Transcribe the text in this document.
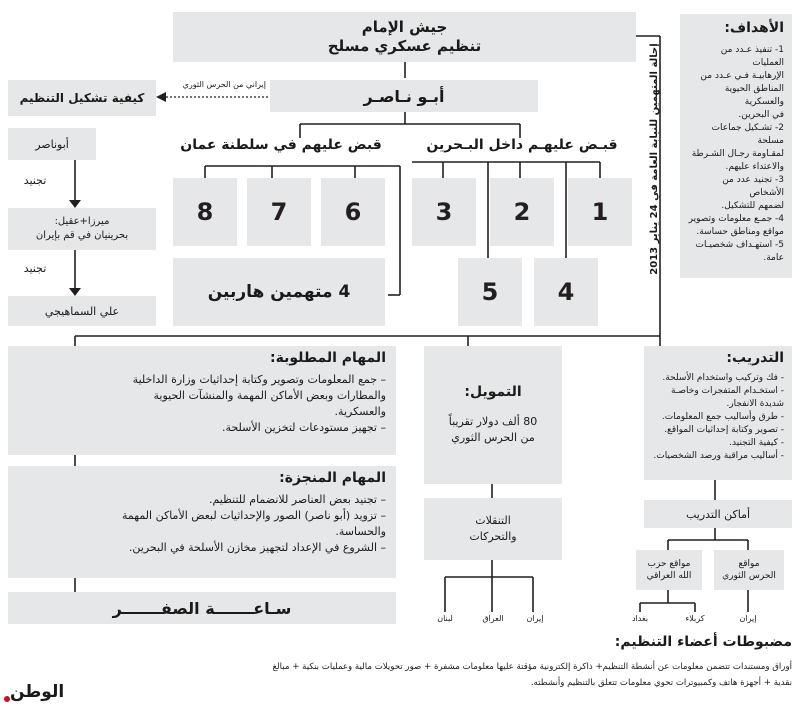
جيش الإمام
تنظيم عسكري مسلح
أبـو نـاصـر
إيراني من الحرس الثوري
كيفية تشكيل التنظيم
أبوناصر
تجنيد
ميرزا+عقيل:
بحرينيان في قم بإيران
تجنيد
علي السماهيجي
قبض عليهم في سلطنة عمان	قبـض عليهـم داخل البـحرين
8 7 6	3	2	1
5 4
4 متهمين هاربين
إحالة المتهمين للنيابة العامة في 24 يناير 2013
الأهداف:
1- تنفيذ عـدد من العمليات
الإرهابيـة فـي عـدد من
المناطق الحيوية والعسكرية
في البحرين.
2- تشـكيل جماعات مسلحة
لمقـاومة رجـال الشـرطة
والاعتداء عليهم.
3- تجنيد عدد من الأشخاص
لضمهم للتشكيل.
4- جمـع معلومات وتصوير
مواقع ومناطق حساسة.
5- استهـداف شخصيـات
عامة.
المهام المطلوبة:
– جمع المعلومات وتصوير وكتابة إحداثيات وزارة الداخلية
والمطارات وبعض الأماكن المهمة والمنشآت الحيوية
والعسكرية.
– تجهيز مستودعات لتخزين الأسلحة.
المهام المنجزة:
– تجنيد بعض العناصر للانضمام للتنظيم.
– تزويد (أبو ناصر) الصور والإحداثيات لبعض الأماكن المهمة
والحساسة.
– الشروع في الإعداد لتجهيز مخازن الأسلحة في البحرين.
سـاعـــــــة الصفـــــــر
التمويل:
80 ألف دولار تقريباً
من الحرس الثوري
التنقلات
والتحركات
إيران
العراق
لبنان
التدريب:
- فك وتركيب واستخدام الأسلحة.
- استخـدام المتفجرات وخاصـة
شديدة الانفجار.
- طرق وأساليب جمع المعلومات.
- تصوير وكتابة إحداثيات المواقع.
- كيفية التجنيد.
- أساليب مراقبة ورصد الشخصيات.
أماكن التدريب
مواقع حزب
الله العراقي
مواقع
الحرس الثوري
بغداد	كربلاء	إيران
مضبوطات أعضاء التنظيم:
أوراق ومستندات تتضمن معلومات عن أنشطة التنظيم+ ذاكرة إلكترونية مؤقتة عليها معلومات مشفرة + صور تحويلات مالية وعمليات بنكية + مبالغ
نقدية + أجهزة هاتف وكمبيوترات تحوي معلومات تتعلق بالتنظيم وأنشطته.
الوطن
